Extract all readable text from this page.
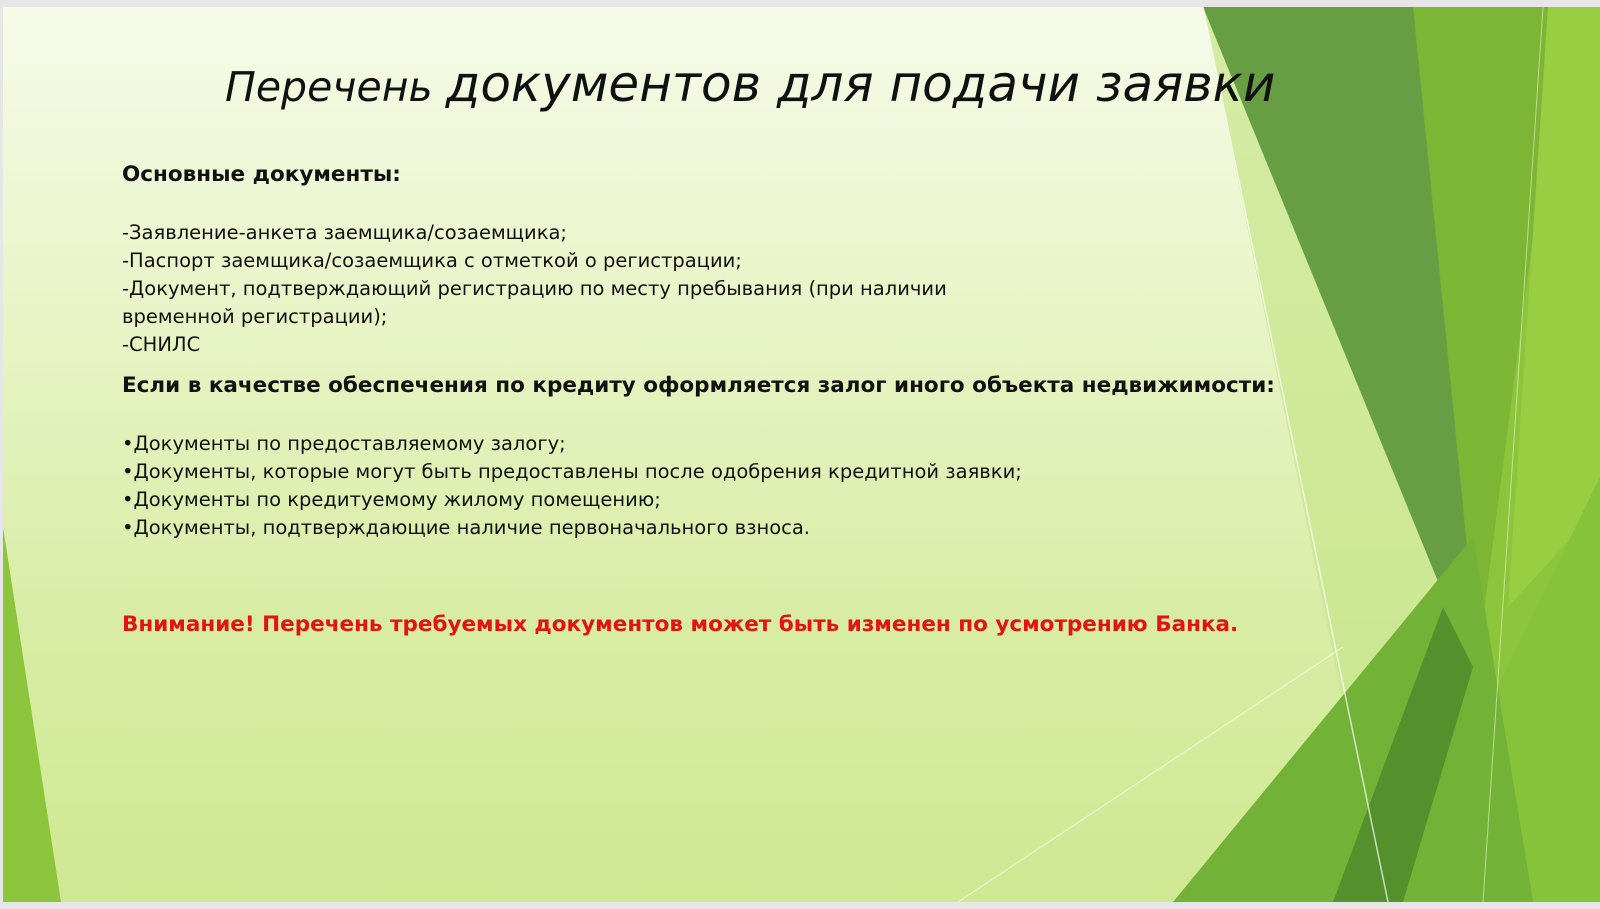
Перечень документов для подачи заявки
Основные документы:
-Заявление-анкета заемщика/созаемщика;
-Паспорт заемщика/созаемщика с отметкой о регистрации;
-Документ, подтверждающий регистрацию по месту пребывания (при наличии
временной регистрации);
-СНИЛС
Если в качестве обеспечения по кредиту оформляется залог иного объекта недвижимости:
•Документы по предоставляемому залогу;
•Документы, которые могут быть предоставлены после одобрения кредитной заявки;
•Документы по кредитуемому жилому помещению;
•Документы, подтверждающие наличие первоначального взноса.

Внимание! Перечень требуемых документов может быть изменен по усмотрению Банка.
